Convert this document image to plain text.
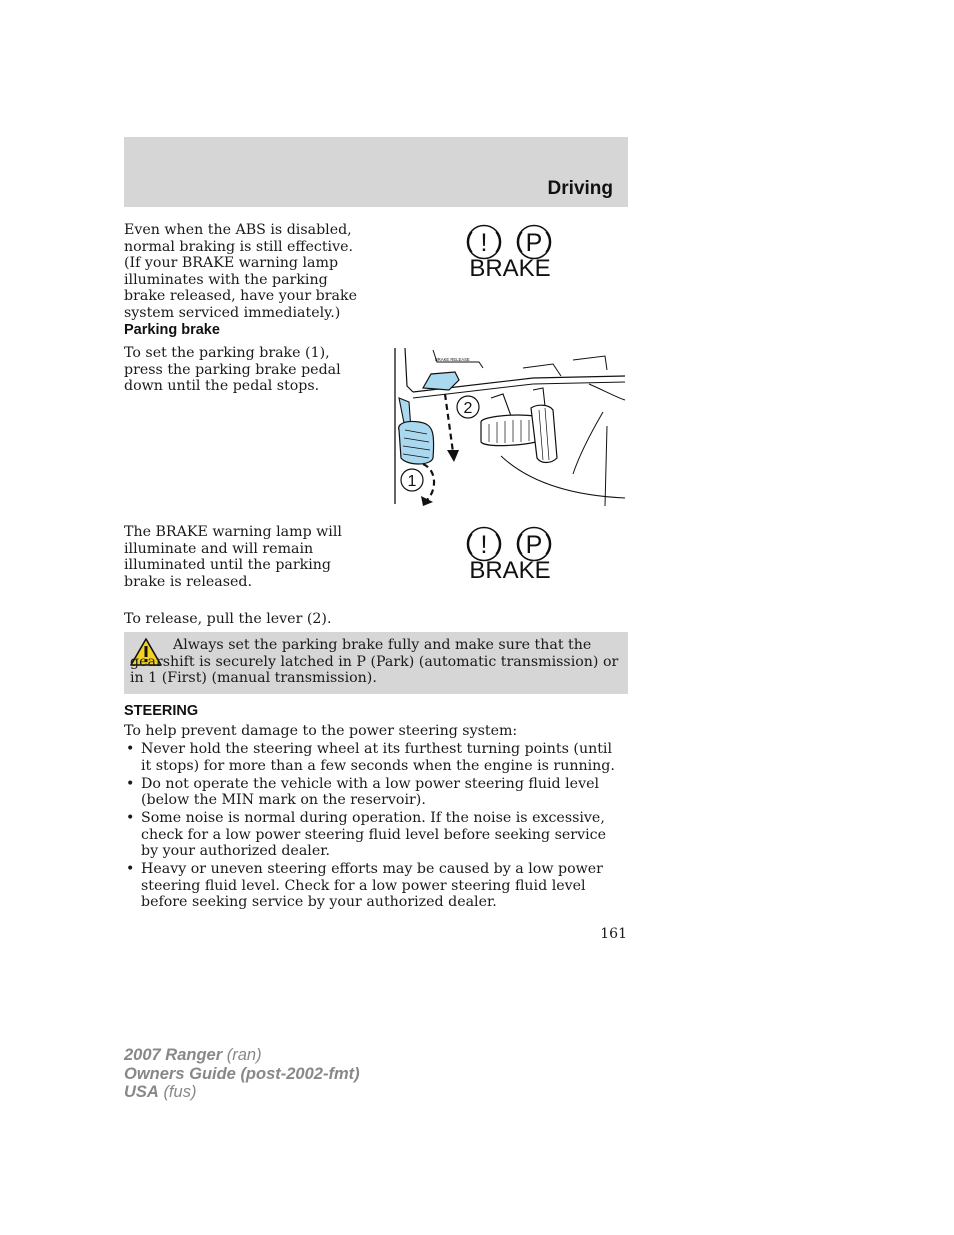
Driving
Even when the ABS is disabled, normal braking is still effective. (If your BRAKE warning lamp illuminates with the parking brake released, have your brake system serviced immediately.)
! P
BRAKE
Parking brake
To set the parking brake (1), press the parking brake pedal down until the pedal stops.
2
1
BRAKE RELEASE
The BRAKE warning lamp will illuminate and will remain illuminated until the parking brake is released.
! P
BRAKE
To release, pull the lever (2).
Always set the parking brake fully and make sure that the gearshift is securely latched in P (Park) (automatic transmission) or in 1 (First) (manual transmission).
STEERING
To help prevent damage to the power steering system:
• Never hold the steering wheel at its furthest turning points (until it stops) for more than a few seconds when the engine is running.
• Do not operate the vehicle with a low power steering fluid level (below the MIN mark on the reservoir).
• Some noise is normal during operation. If the noise is excessive, check for a low power steering fluid level before seeking service by your authorized dealer.
• Heavy or uneven steering efforts may be caused by a low power steering fluid level. Check for a low power steering fluid level before seeking service by your authorized dealer.
161
2007 Ranger (ran)
Owners Guide (post-2002-fmt)
USA (fus)
